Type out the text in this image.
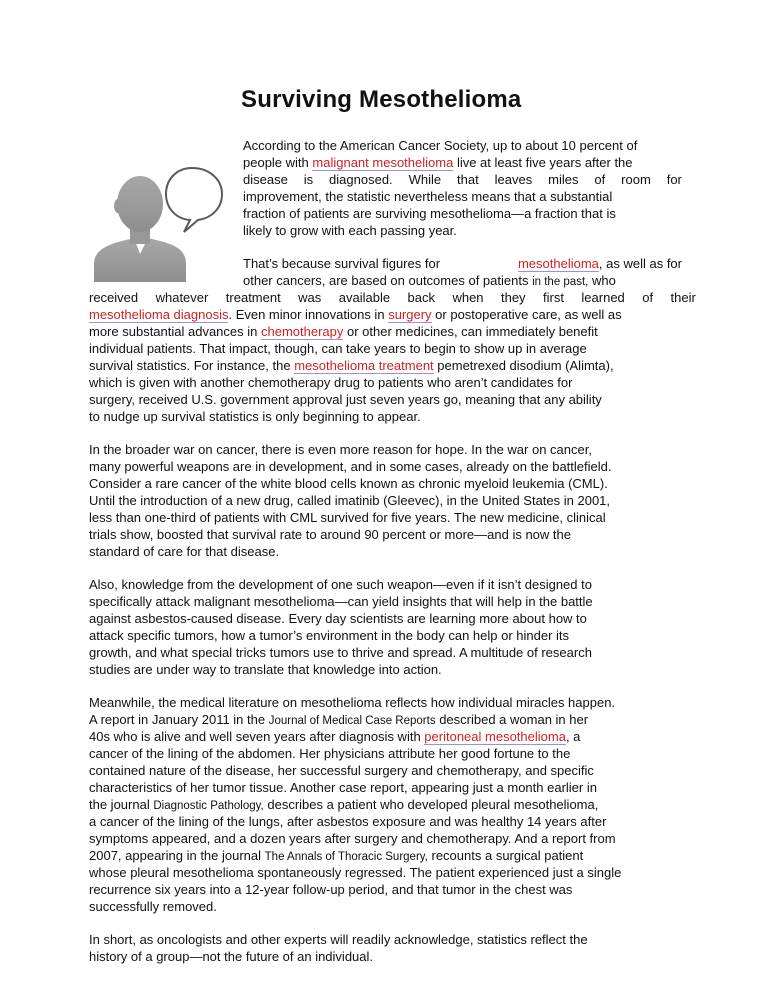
Surviving Mesothelioma

According to the American Cancer Society, up to about 10 percent of

people with malignant mesothelioma live at least five years after the

disease is diagnosed. While that leaves miles of room for

improvement, the statistic nevertheless means that a substantial

fraction of patients are surviving mesothelioma—a fraction that is

likely to grow with each passing year.

That’s because survival figures for	mesothelioma, as well as for

other cancers, are based on outcomes of patients in the past, who

received whatever treatment was available back when they first learned of their

mesothelioma diagnosis. Even minor innovations in surgery or postoperative care, as well as

more substantial advances in chemotherapy or other medicines, can immediately benefit

individual patients. That impact, though, can take years to begin to show up in average

survival statistics. For instance, the mesothelioma treatment pemetrexed disodium (Alimta),

which is given with another chemotherapy drug to patients who aren’t candidates for

surgery, received U.S. government approval just seven years go, meaning that any ability

to nudge up survival statistics is only beginning to appear.

In the broader war on cancer, there is even more reason for hope. In the war on cancer,

many powerful weapons are in development, and in some cases, already on the battlefield.

Consider a rare cancer of the white blood cells known as chronic myeloid leukemia (CML).

Until the introduction of a new drug, called imatinib (Gleevec), in the United States in 2001,

less than one-third of patients with CML survived for five years. The new medicine, clinical

trials show, boosted that survival rate to around 90 percent or more—and is now the

standard of care for that disease.

Also, knowledge from the development of one such weapon—even if it isn’t designed to

specifically attack malignant mesothelioma—can yield insights that will help in the battle

against asbestos-caused disease. Every day scientists are learning more about how to

attack specific tumors, how a tumor’s environment in the body can help or hinder its

growth, and what special tricks tumors use to thrive and spread. A multitude of research

studies are under way to translate that knowledge into action.

Meanwhile, the medical literature on mesothelioma reflects how individual miracles happen.

A report in January 2011 in the Journal of Medical Case Reports described a woman in her

40s who is alive and well seven years after diagnosis with peritoneal mesothelioma, a

cancer of the lining of the abdomen. Her physicians attribute her good fortune to the

contained nature of the disease, her successful surgery and chemotherapy, and specific

characteristics of her tumor tissue. Another case report, appearing just a month earlier in

the journal Diagnostic Pathology, describes a patient who developed pleural mesothelioma,

a cancer of the lining of the lungs, after asbestos exposure and was healthy 14 years after

symptoms appeared, and a dozen years after surgery and chemotherapy. And a report from

2007, appearing in the journal The Annals of Thoracic Surgery, recounts a surgical patient

whose pleural mesothelioma spontaneously regressed. The patient experienced just a single

recurrence six years into a 12-year follow-up period, and that tumor in the chest was

successfully removed.

In short, as oncologists and other experts will readily acknowledge, statistics reflect the

history of a group—not the future of an individual.
